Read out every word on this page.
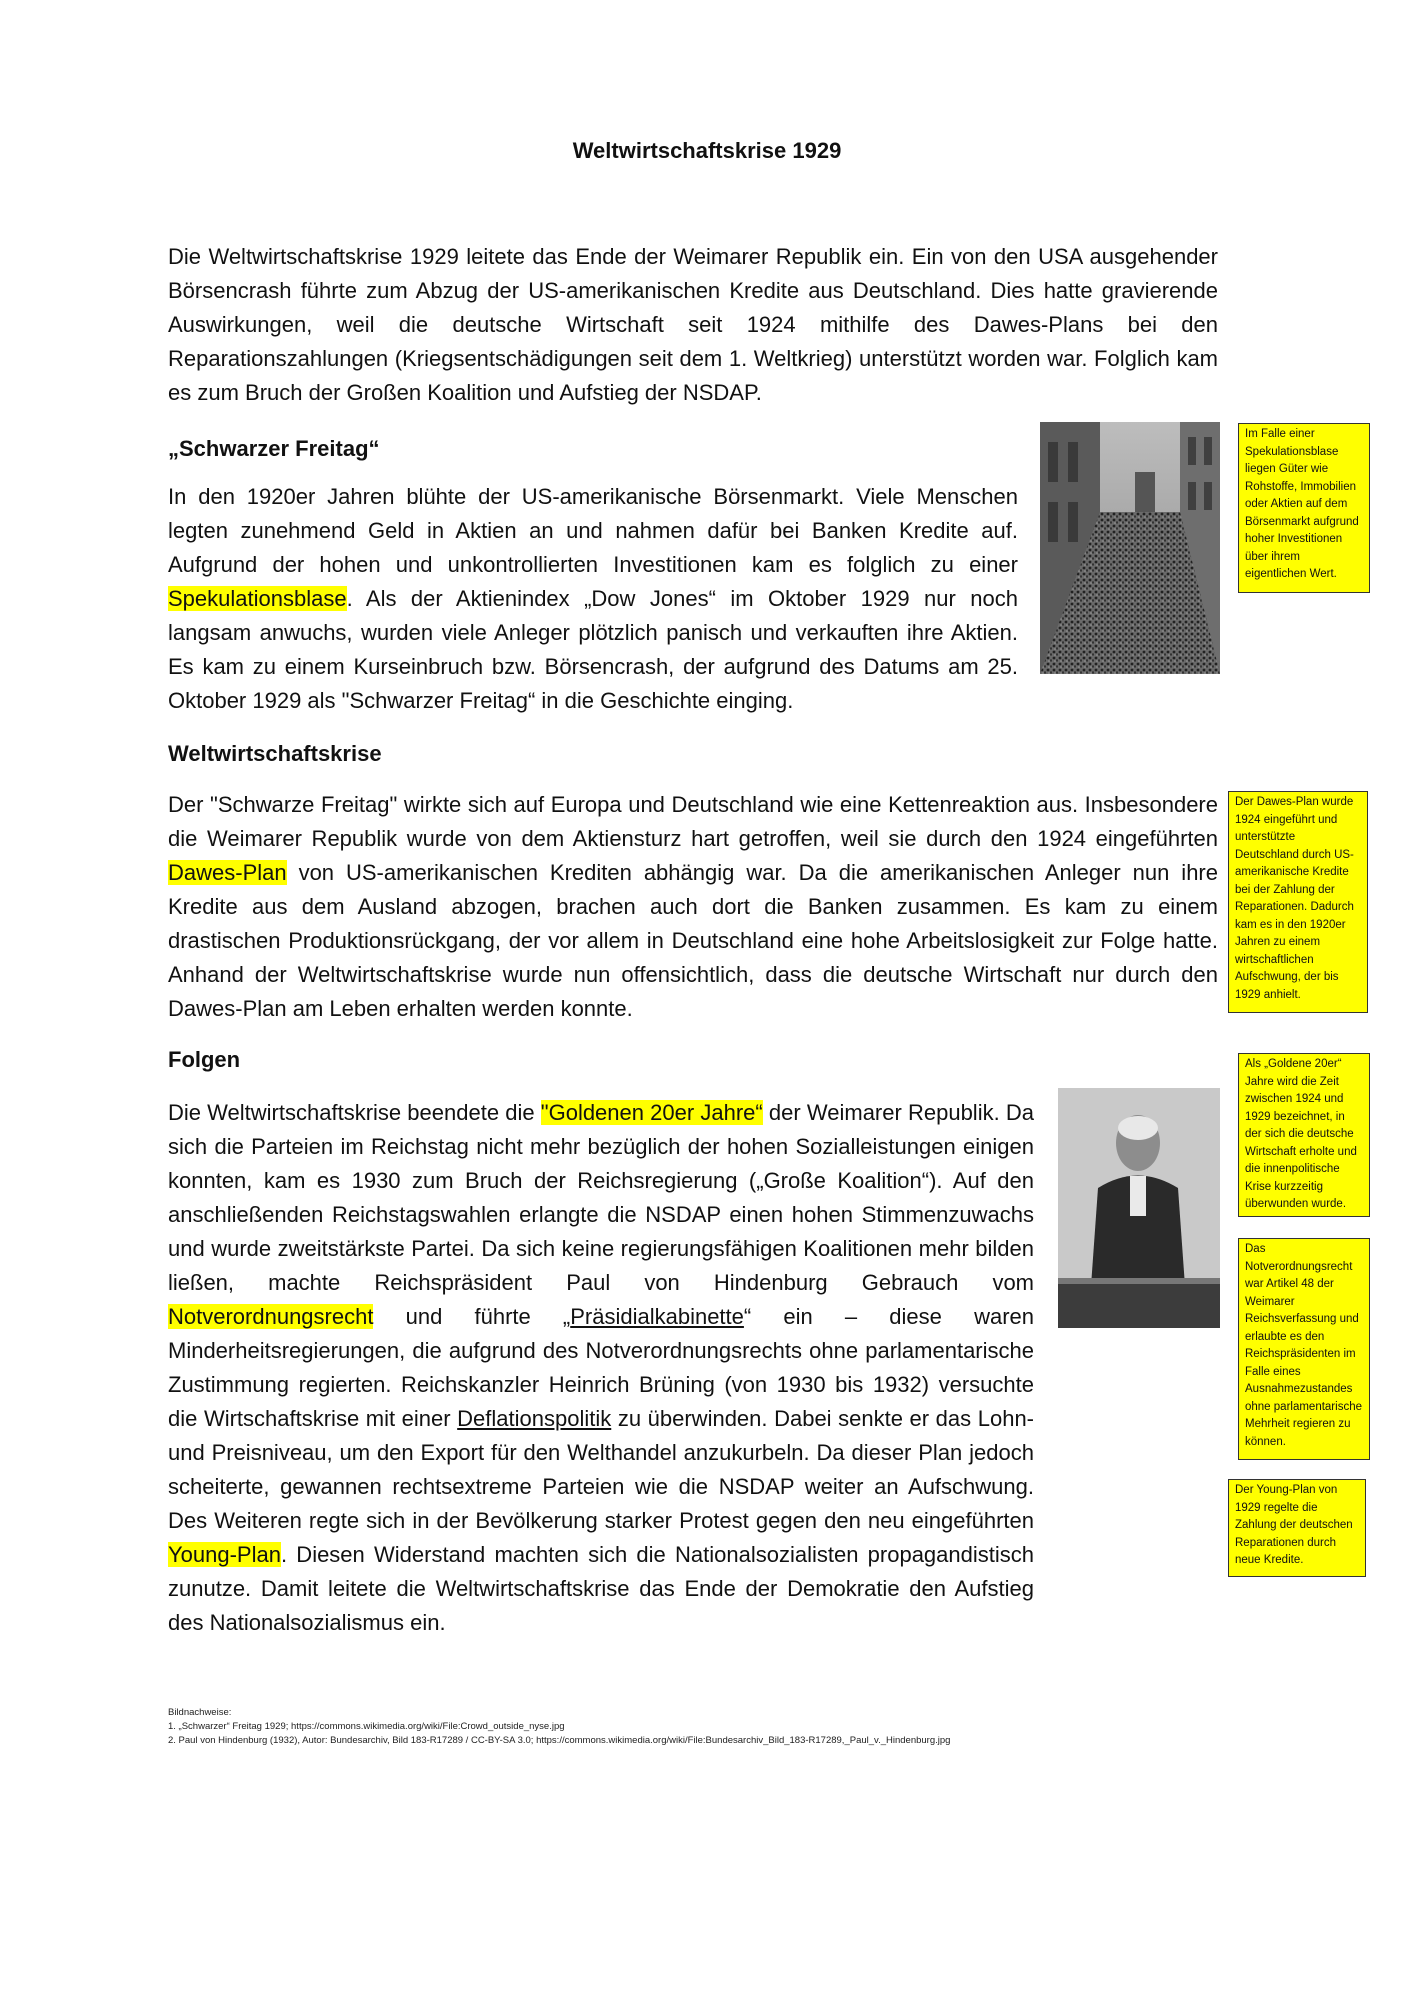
Weltwirtschaftskrise 1929

Die Weltwirtschaftskrise 1929 leitete das Ende der Weimarer Republik ein. Ein von den USA ausgehender Börsencrash führte zum Abzug der US-amerikanischen Kredite aus Deutschland. Dies hatte gravierende Auswirkungen, weil die deutsche Wirtschaft seit 1924 mithilfe des Dawes-Plans bei den Reparationszahlungen (Kriegsentschädigungen seit dem 1. Weltkrieg) unterstützt worden war. Folglich kam es zum Bruch der Großen Koalition und Aufstieg der NSDAP.

„Schwarzer Freitag“

In den 1920er Jahren blühte der US-amerikanische Börsenmarkt. Viele Menschen legten zunehmend Geld in Aktien an und nahmen dafür bei Banken Kredite auf. Aufgrund der hohen und unkontrollierten Investitionen kam es folglich zu einer Spekulationsblase. Als der Aktienindex „Dow Jones“ im Oktober 1929 nur noch langsam anwuchs, wurden viele Anleger plötzlich panisch und verkauften ihre Aktien. Es kam zu einem Kurseinbruch bzw. Börsencrash, der aufgrund des Datums am 25. Oktober 1929 als "Schwarzer Freitag“ in die Geschichte einging.

Weltwirtschaftskrise

Der "Schwarze Freitag" wirkte sich auf Europa und Deutschland wie eine Kettenreaktion aus. Insbesondere die Weimarer Republik wurde von dem Aktiensturz hart getroffen, weil sie durch den 1924 eingeführten Dawes-Plan von US-amerikanischen Krediten abhängig war. Da die amerikanischen Anleger nun ihre Kredite aus dem Ausland abzogen, brachen auch dort die Banken zusammen. Es kam zu einem drastischen Produktionsrückgang, der vor allem in Deutschland eine hohe Arbeitslosigkeit zur Folge hatte. Anhand der Weltwirtschaftskrise wurde nun offensichtlich, dass die deutsche Wirtschaft nur durch den Dawes-Plan am Leben erhalten werden konnte.

Folgen

Die Weltwirtschaftskrise beendete die "Goldenen 20er Jahre“ der Weimarer Republik. Da sich die Parteien im Reichstag nicht mehr bezüglich der hohen Sozialleistungen einigen konnten, kam es 1930 zum Bruch der Reichsregierung („Große Koalition“). Auf den anschließenden Reichstagswahlen erlangte die NSDAP einen hohen Stimmenzuwachs und wurde zweitstärkste Partei. Da sich keine regierungsfähigen Koalitionen mehr bilden ließen, machte Reichspräsident Paul von Hindenburg Gebrauch vom Notverordnungsrecht und führte „Präsidialkabinette“ ein – diese waren Minderheitsregierungen, die aufgrund des Notverordnungsrechts ohne parlamentarische Zustimmung regierten. Reichskanzler Heinrich Brüning (von 1930 bis 1932) versuchte die Wirtschaftskrise mit einer Deflationspolitik zu überwinden. Dabei senkte er das Lohn- und Preisniveau, um den Export für den Welthandel anzukurbeln. Da dieser Plan jedoch scheiterte, gewannen rechtsextreme Parteien wie die NSDAP weiter an Aufschwung. Des Weiteren regte sich in der Bevölkerung starker Protest gegen den neu eingeführten Young-Plan. Diesen Widerstand machten sich die Nationalsozialisten propagandistisch zunutze. Damit leitete die Weltwirtschaftskrise das Ende der Demokratie den Aufstieg des Nationalsozialismus ein.

Im Falle einer Spekulationsblase liegen Güter wie Rohstoffe, Immobilien oder Aktien auf dem Börsenmarkt aufgrund hoher Investitionen über ihrem eigentlichen Wert.
Der Dawes-Plan wurde 1924 eingeführt und unterstützte Deutschland durch US-amerikanische Kredite bei der Zahlung der Reparationen. Dadurch kam es in den 1920er Jahren zu einem wirtschaftlichen Aufschwung, der bis 1929 anhielt.
Als „Goldene 20er“ Jahre wird die Zeit zwischen 1924 und 1929 bezeichnet, in der sich die deutsche Wirtschaft erholte und die innenpolitische Krise kurzzeitig überwunden wurde.
Das Notverordnungsrecht war Artikel 48 der Weimarer Reichsverfassung und erlaubte es den Reichspräsidenten im Falle eines Ausnahmezustandes ohne parlamentarische Mehrheit regieren zu können.
Der Young-Plan von 1929 regelte die Zahlung der deutschen Reparationen durch neue Kredite.
Bildnachweise:
1. „Schwarzer“ Freitag 1929; https://commons.wikimedia.org/wiki/File:Crowd_outside_nyse.jpg
2. Paul von Hindenburg (1932), Autor: Bundesarchiv, Bild 183-R17289 / CC-BY-SA 3.0; https://commons.wikimedia.org/wiki/File:Bundesarchiv_Bild_183-R17289,_Paul_v._Hindenburg.jpg
